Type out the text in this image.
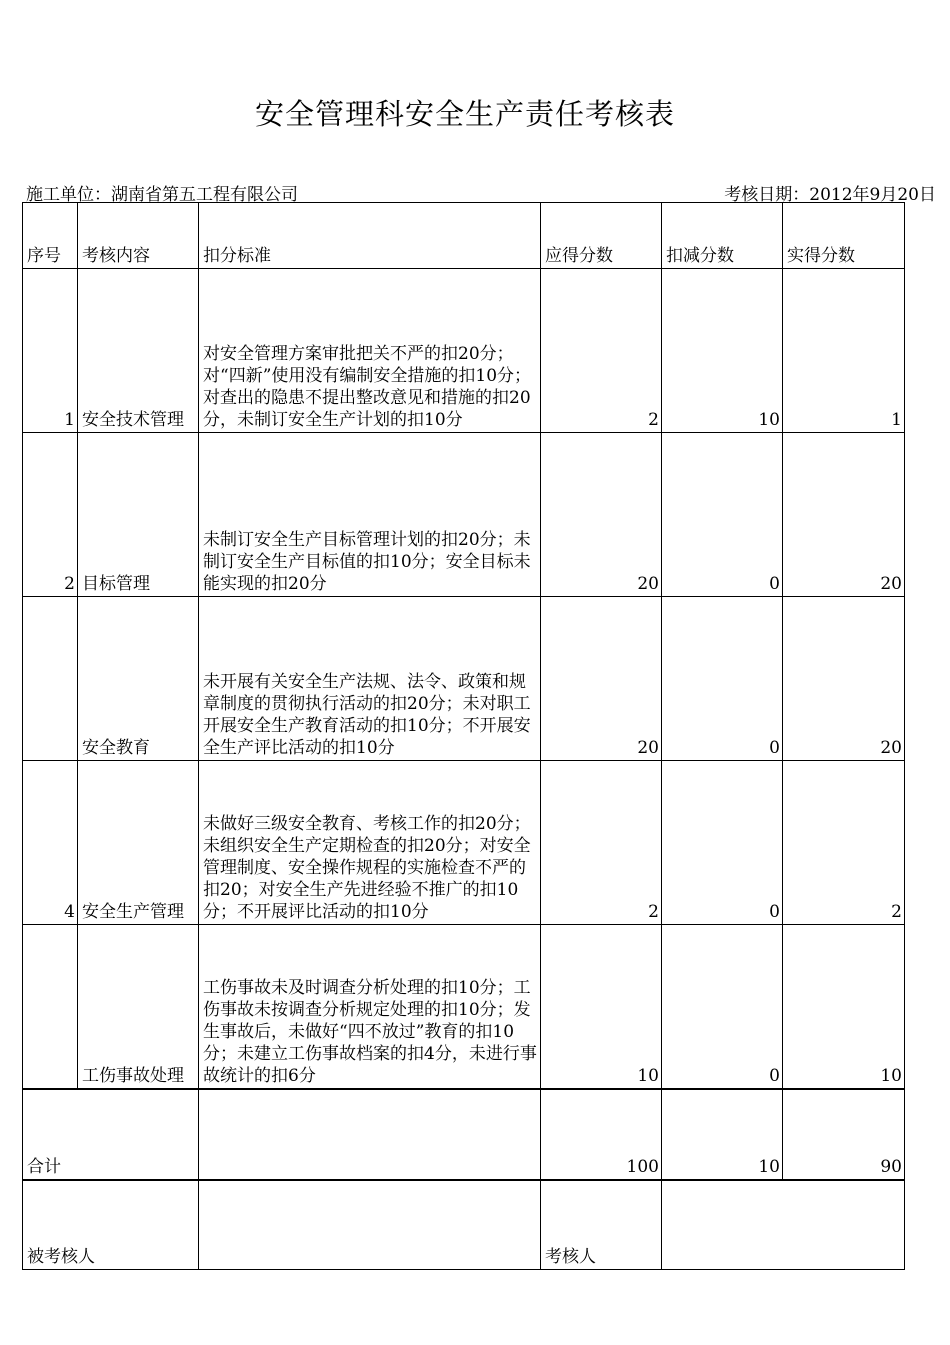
安全管理科安全生产责任考核表
施工单位：湖南省第五工程有限公司	考核日期：2012年9月20日
序号	考核内容	扣分标准	应得分数	扣减分数	实得分数
1	安全技术管理	对安全管理方案审批把关不严的扣20分；对“四新”使用没有编制安全措施的扣10分；对查出的隐患不提出整改意见和措施的扣20分，未制订安全生产计划的扣10分	2	10	1
2	目标管理	未制订安全生产目标管理计划的扣20分；未制订安全生产目标值的扣10分；安全目标未能实现的扣20分	20	0	20
	安全教育	未开展有关安全生产法规、法令、政策和规章制度的贯彻执行活动的扣20分；未对职工开展安全生产教育活动的扣10分；不开展安全生产评比活动的扣10分	20	0	20
4	安全生产管理	未做好三级安全教育、考核工作的扣20分；未组织安全生产定期检查的扣20分；对安全管理制度、安全操作规程的实施检查不严的扣20；对安全生产先进经验不推广的扣10分；不开展评比活动的扣10分	2	0	2
	工伤事故处理	工伤事故未及时调查分析处理的扣10分；工伤事故未按调查分析规定处理的扣10分；发生事故后，未做好“四不放过”教育的扣10分；未建立工伤事故档案的扣4分，未进行事故统计的扣6分	10	0	10
合计			100	10	90
被考核人			考核人		
